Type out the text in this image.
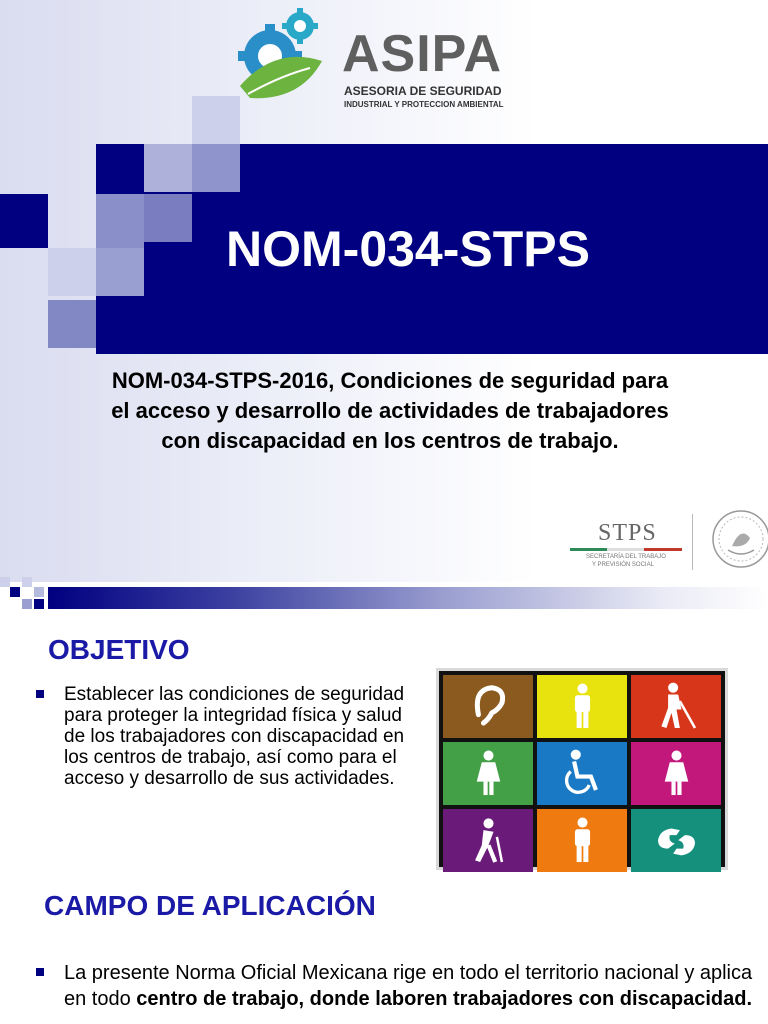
NOM-034-STPS
ASIPA
ASESORIA DE SEGURIDAD
INDUSTRIAL Y PROTECCION AMBIENTAL
NOM-034-STPS-2016, Condiciones de seguridad para el acceso y desarrollo de actividades de trabajadores con discapacidad en los centros de trabajo.
STPS
SECRETARÍA DEL TRABAJO
Y PREVISIÓN SOCIAL
OBJETIVO
Establecer las condiciones de seguridad para proteger la integridad física y salud de los trabajadores con discapacidad en los centros de trabajo, así como para el acceso y desarrollo de sus actividades.
CAMPO DE APLICACIÓN
La presente Norma Oficial Mexicana rige en todo el territorio nacional y aplica en todo centro de trabajo, donde laboren trabajadores con discapacidad.
